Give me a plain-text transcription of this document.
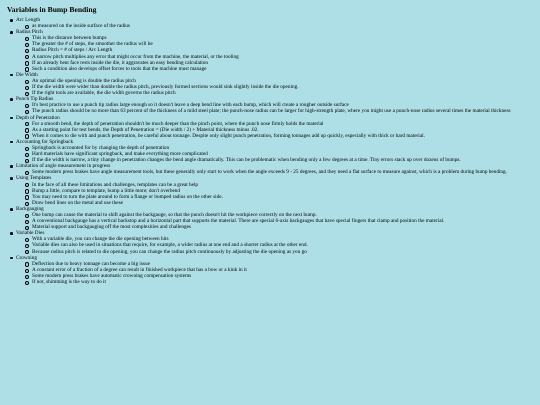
Variables in Bump Bending
Arc Length
as measured on the inside surface of the radius
Radius Pitch
This is the distance between bumps
The greater the # of steps, the smoother the radius will be
Radius Pitch = # of steps / Arc Length
A narrow pitch multiplies any error that might occur from the machine, the material, or the tooling
If an already bent face rests inside the die, it aggravates an easy bending calculation
Such a condition also develops offset forces to tools that the machine must manage
Die Width
An optimal die opening is double the radius pitch
If the die width were wider than double the radius pitch, previously formed sections would sink slightly inside the die opening.
If the right tools are available, the die width governs the radius pitch
Punch Tip Radius
It's best practice to use a punch tip radius large enough so it doesn't leave a deep bend line with each bump, which will create a rougher outside surface
The punch radius should be no more than 63 percent of the thickness of a mild steel plate; the punch-nose radius can be larger for high-strength plate, where you might use a punch-nose radius several times the material thickness
Depth of Penetration
For a smooth bend, the depth of penetration shouldn't be much deeper than the pinch point, where the punch nose firmly holds the material
As a starting point for test bends, the Depth of Penetration = (Die width / 2) + Material thickness minus .02.
When it comes to die with and punch penetration, be careful about tonnage. Despite only slight punch penetration, forming tonnages add up quickly, especially with thick or hard material.
Accounting for Springback
Springback is accounted for by changing the depth of penetration
Hard materials have significant springback, and make everything more complicated
If the die width is narrow, a tiny change in penetration changes the bend angle dramatically. This can be problematic when bending only a few degrees at a time. Tiny errors stack up over dozens of bumps.
Limitation of angle measurement in progress
Some modern press brakes have angle measurement tools, but these generally only start to work when the angle exceeds 9 - 25 degrees, and they need a flat surface to measure against, which is a problem during bump bending.
Using Templates
In the face of all these limitations and challenges, templates can be a great help
Bump a little, compare to template, bump a little more; don't overbend
You may need to turn the plate around to form a flange or bumped radius on the other side.
Draw bend lines on the metal and use these
Backgauging
One bump can cause the material to shift against the backgauge, so that the punch doesn't hit the workpiece correctly on the next bump.
A conventional backgauge has a vertical backstop and a horizontal part that supports the material. There are special 6-axis backgauges that have special fingers that clamp and position the material.
Material support and backgauging off the most complexities and challenges
Variable Dies
With a variable die, you can change the die opening between hits
Variable dies can also be used in situations that require, for example, a wider radius at one end and a shorter radius at the other end.
Because radius pitch is related to die opening, you can change the radius pitch continuously by adjusting the die opening as you go
Crowning
Deflection due to heavy tonnage can become a big issue
A constant error of a fraction of a degree can result in finished workpiece that has a bow or a kink in it
Some modern press brakes have automatic crowning compensation systems
If not, shimming is the way to do it
